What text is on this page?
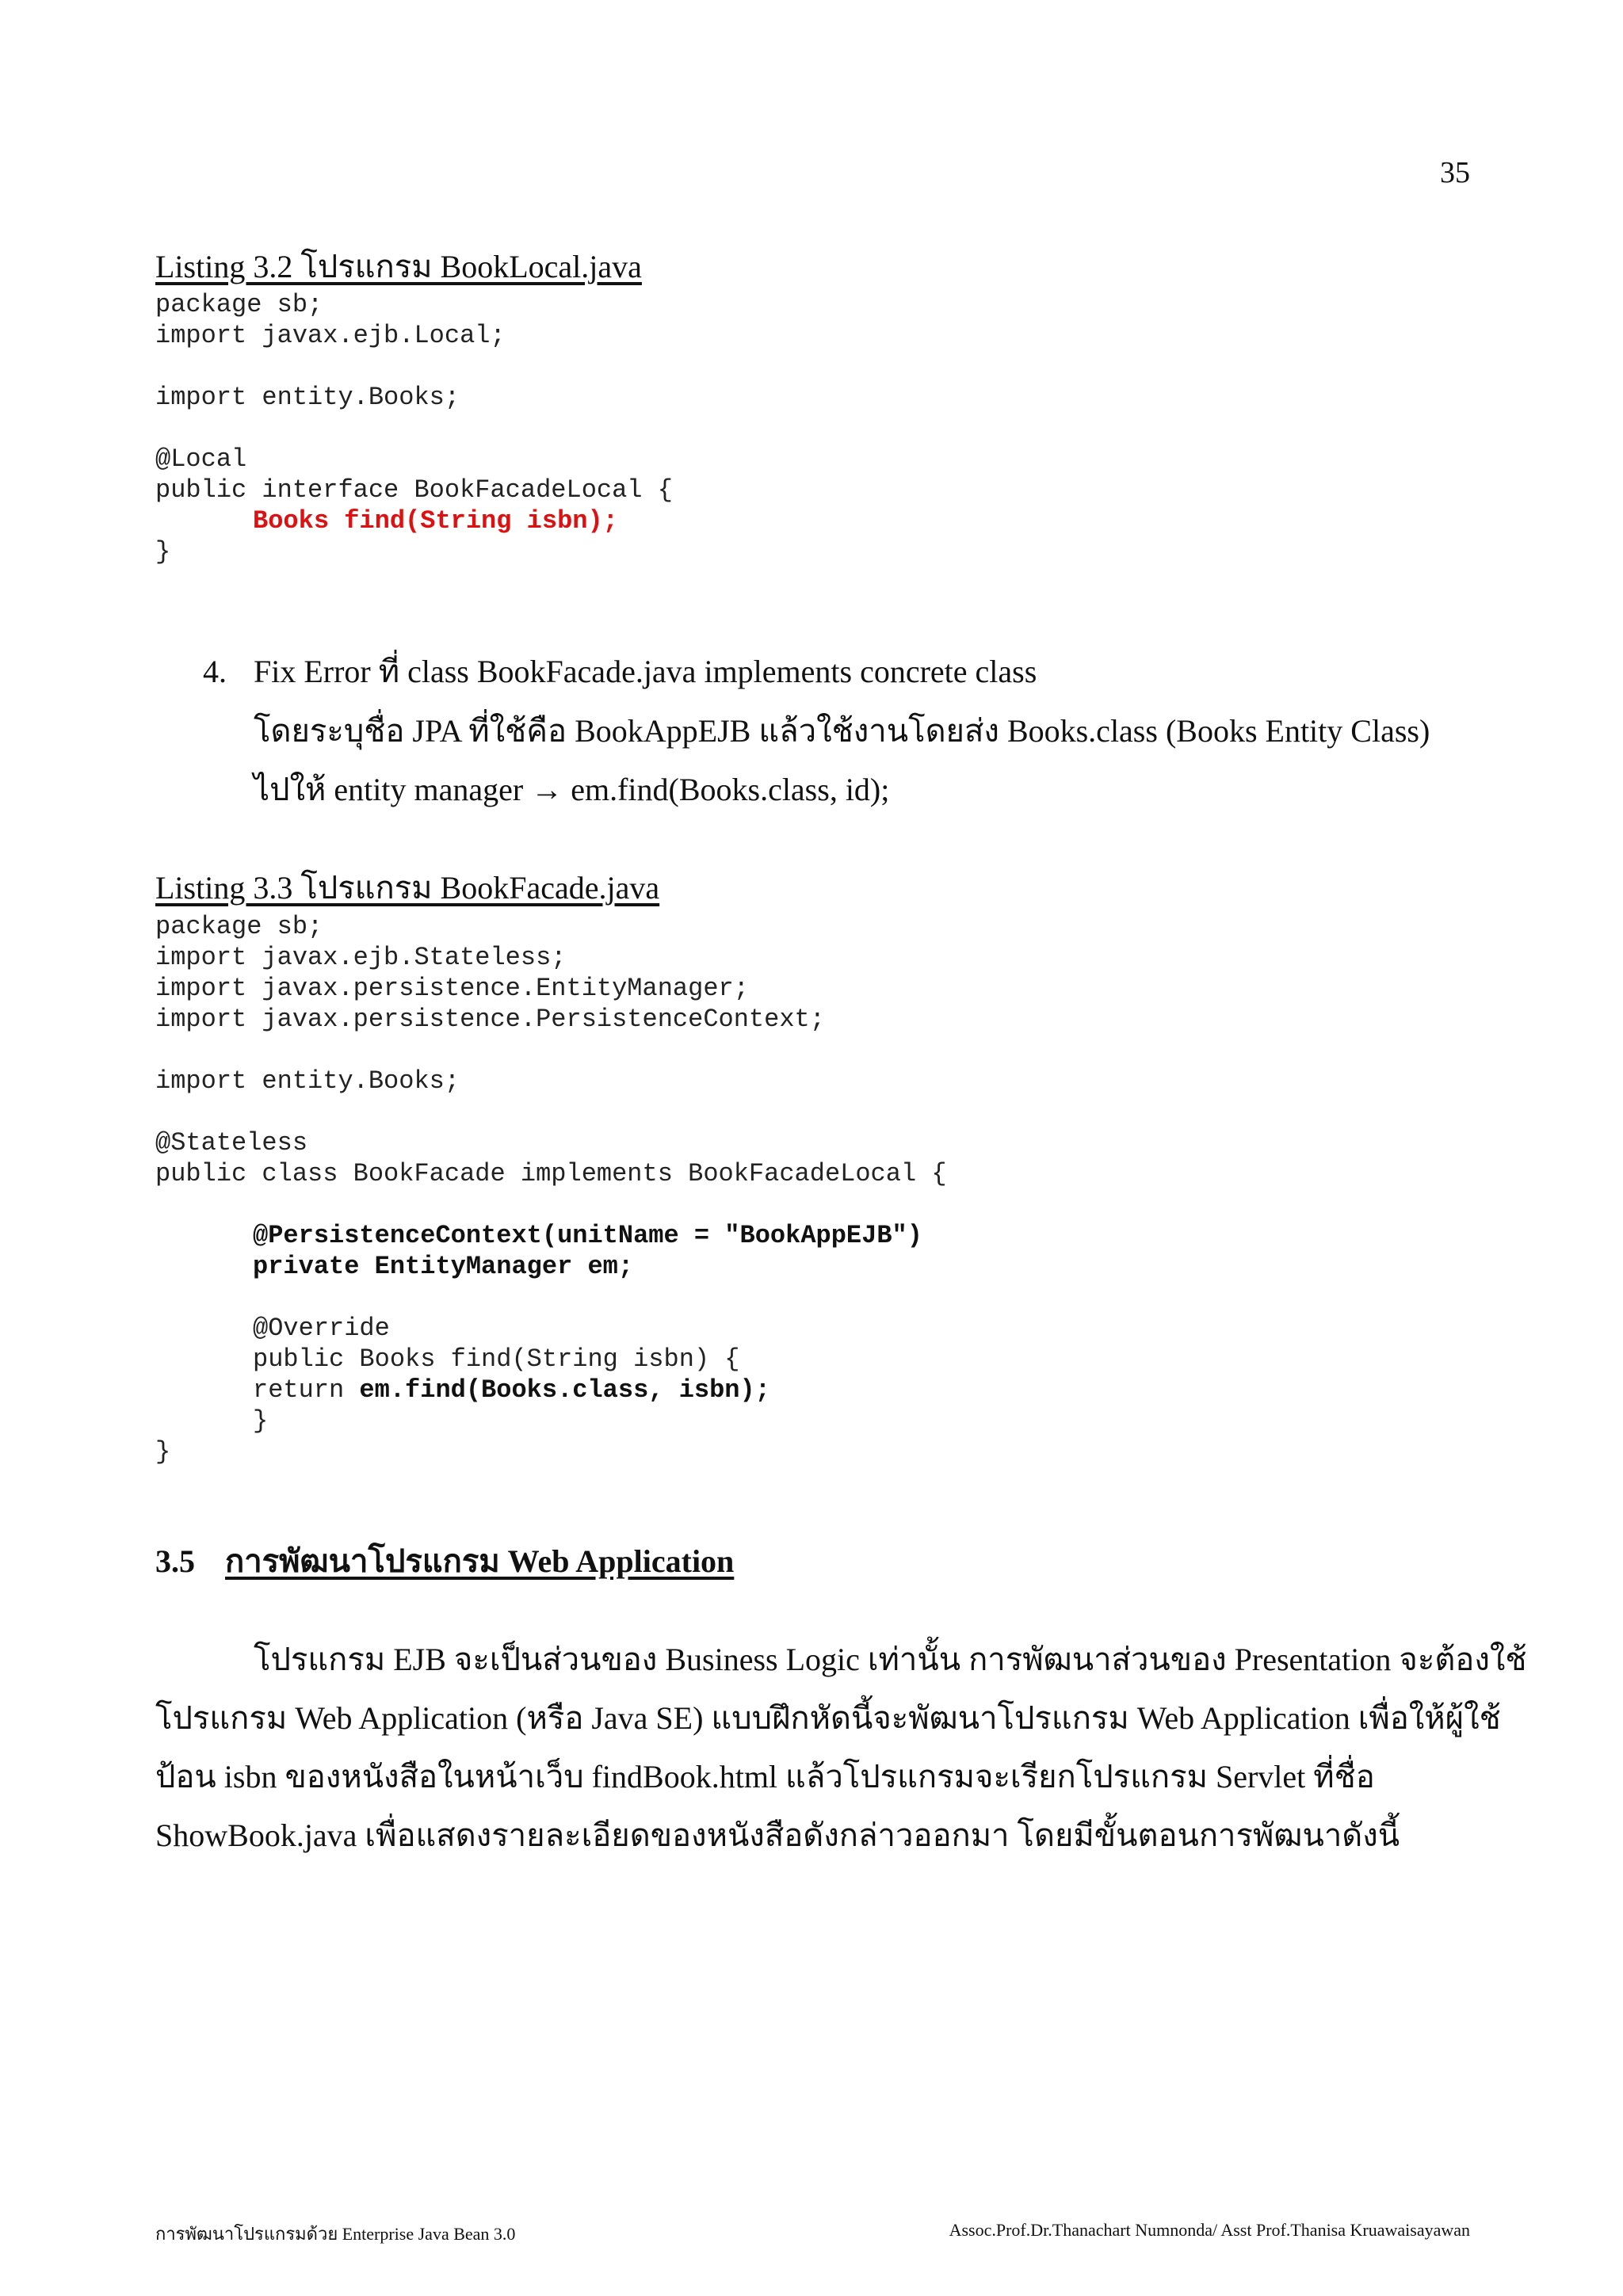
35
Listing 3.2 โปรแกรม BookLocal.java
package sb;
import javax.ejb.Local;
import entity.Books;
@Local
public interface BookFacadeLocal {
Books find(String isbn);
}
4. Fix Error ที่ class BookFacade.java implements concrete class
โดยระบุชื่อ JPA ที่ใช้คือ BookAppEJB แล้วใช้งานโดยส่ง Books.class (Books Entity Class)
ไปให้ entity manager → em.find(Books.class, id);
Listing 3.3 โปรแกรม BookFacade.java
package sb;
import javax.ejb.Stateless;
import javax.persistence.EntityManager;
import javax.persistence.PersistenceContext;
import entity.Books;
@Stateless
public class BookFacade implements BookFacadeLocal {
@PersistenceContext(unitName = "BookAppEJB")
private EntityManager em;
@Override
public Books find(String isbn) {
return em.find(Books.class, isbn);
}
}
3.5 การพัฒนาโปรแกรม Web Application
โปรแกรม EJB จะเป็นส่วนของ Business Logic เท่านั้น การพัฒนาส่วนของ Presentation จะต้องใช้
โปรแกรม Web Application (หรือ Java SE) แบบฝึกหัดนี้จะพัฒนาโปรแกรม Web Application เพื่อให้ผู้ใช้
ป้อน isbn ของหนังสือในหน้าเว็บ findBook.html แล้วโปรแกรมจะเรียกโปรแกรม Servlet ที่ชื่อ
ShowBook.java เพื่อแสดงรายละเอียดของหนังสือดังกล่าวออกมา โดยมีขั้นตอนการพัฒนาดังนี้
การพัฒนาโปรแกรมด้วย Enterprise Java Bean 3.0	Assoc.Prof.Dr.Thanachart Numnonda/ Asst Prof.Thanisa Kruawaisayawan
